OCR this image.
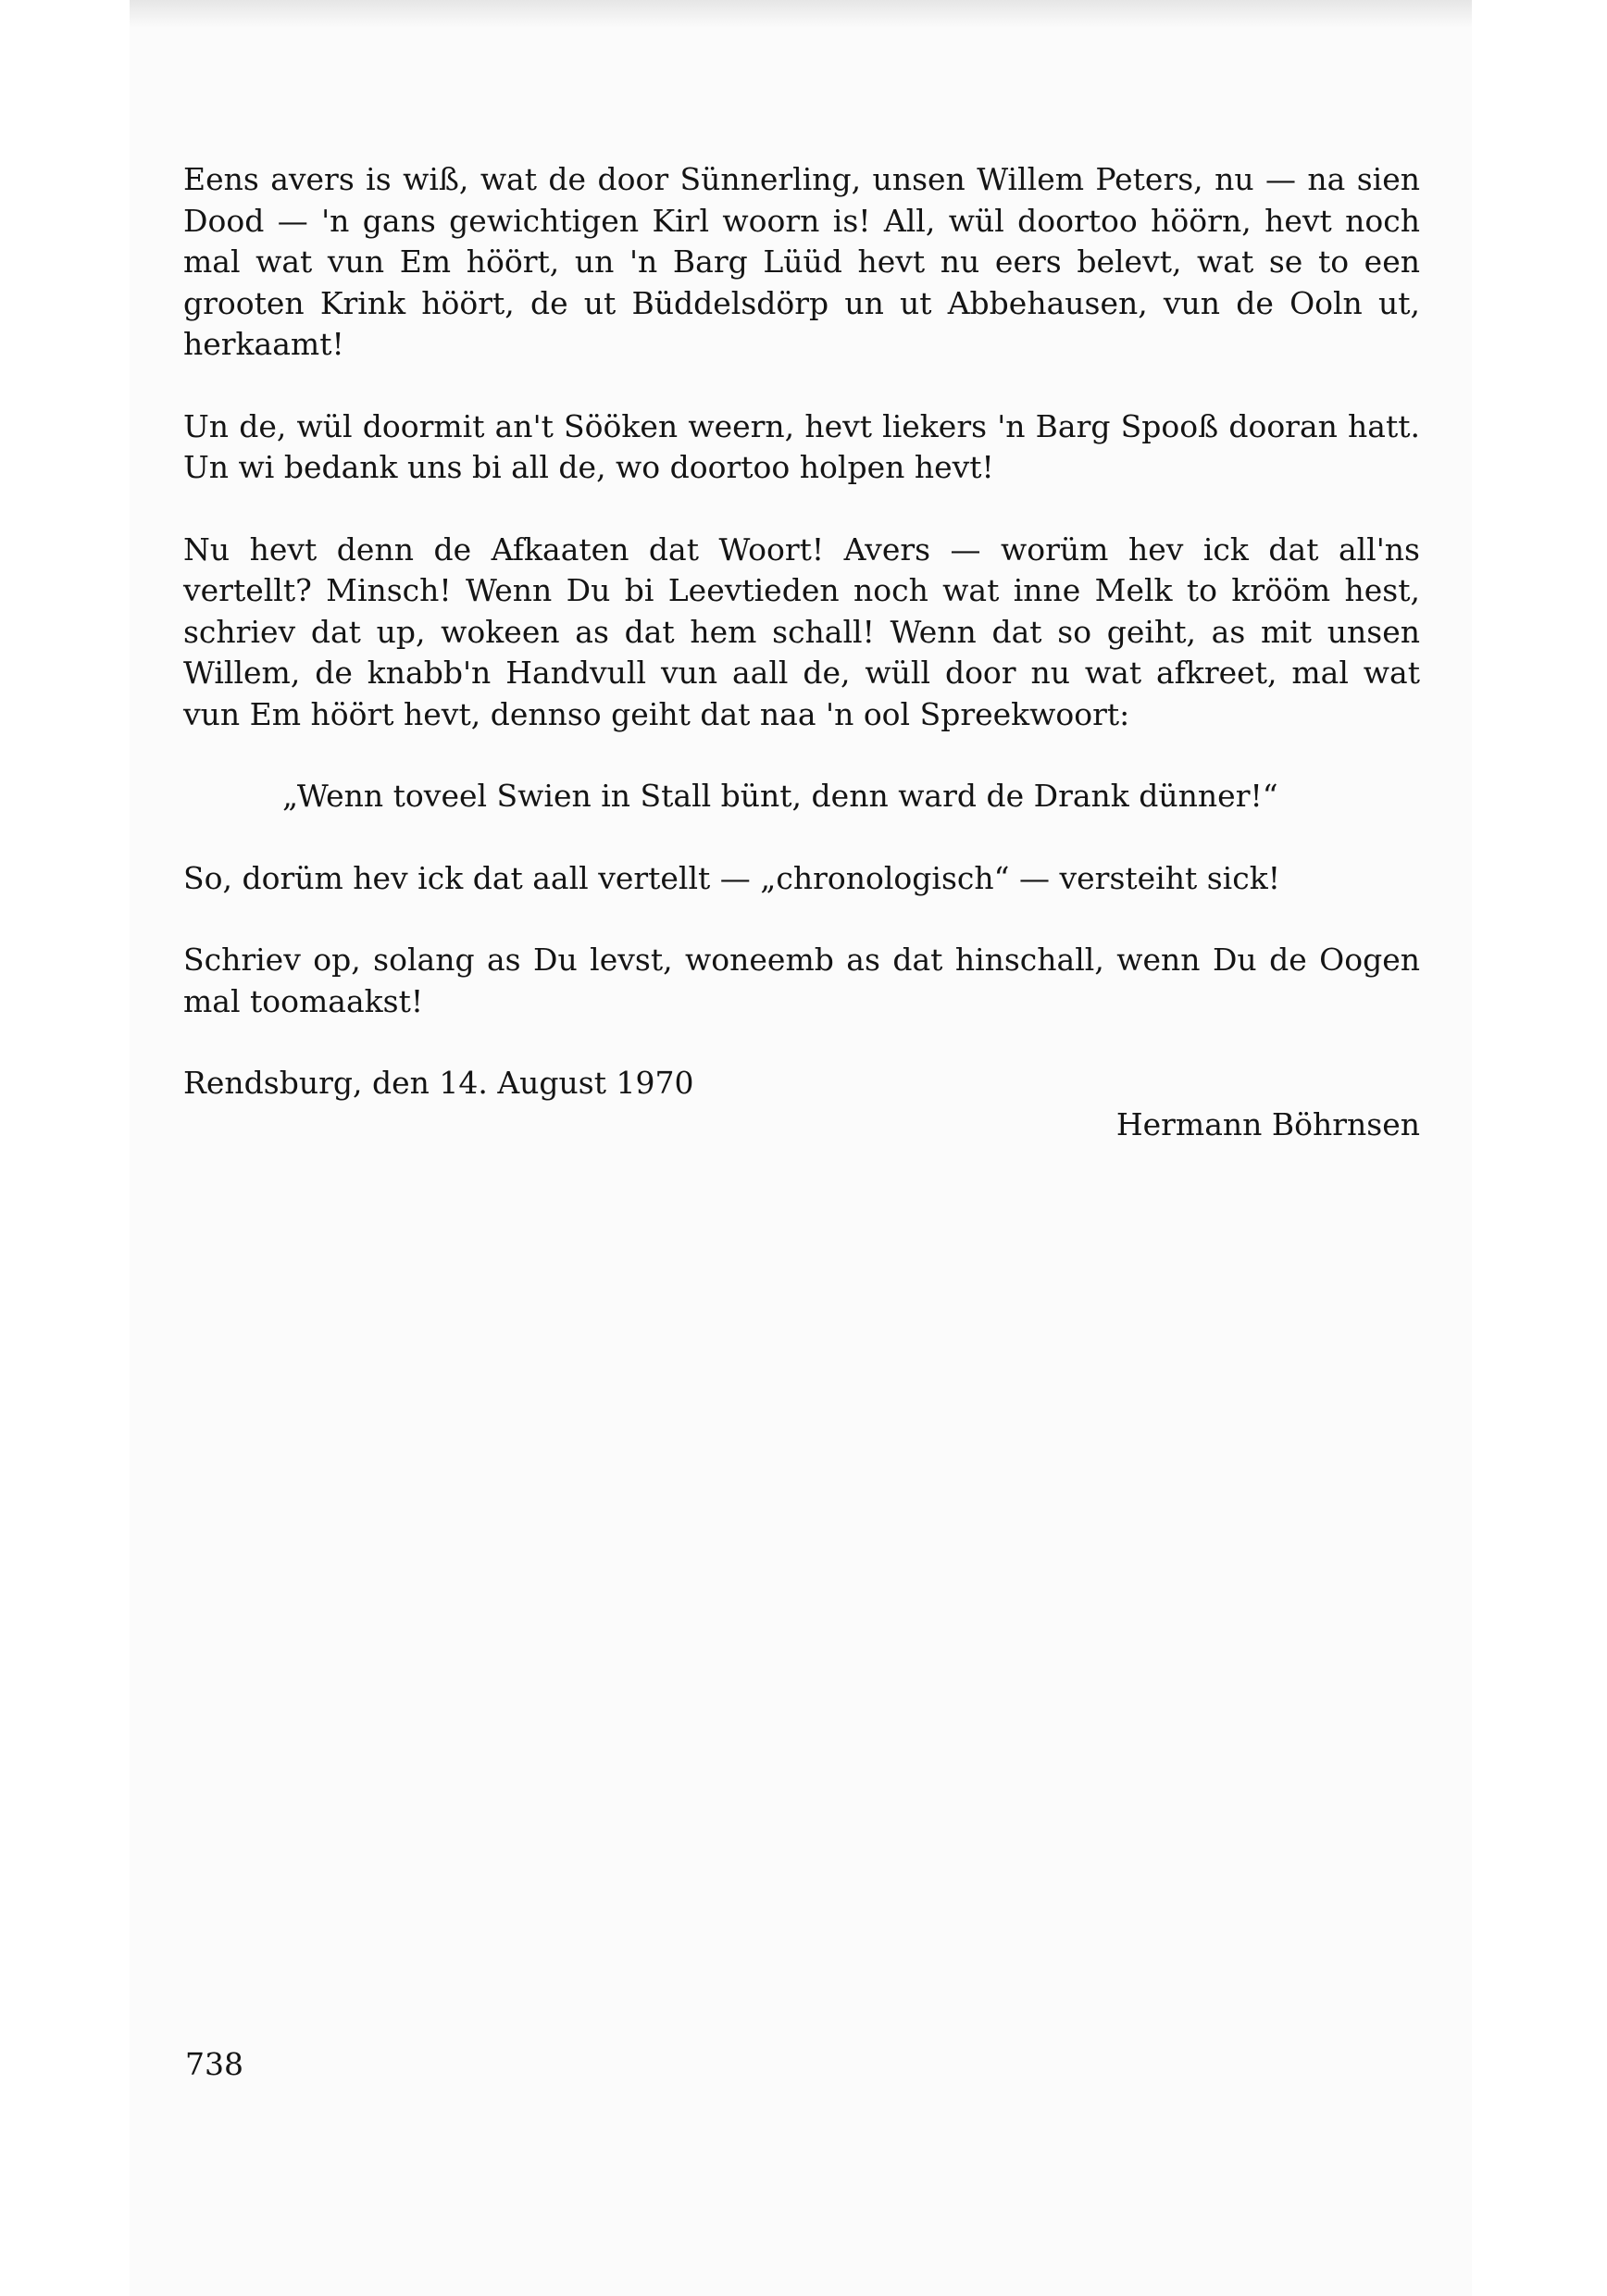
Eens avers is wiß, wat de door Sünnerling, unsen Willem Peters, nu — na sien Dood — 'n gans gewichtigen Kirl woorn is! All, wül doortoo höörn, hevt noch mal wat vun Em höört, un 'n Barg Lüüd hevt nu eers belevt, wat se to een grooten Krink höört, de ut Büddelsdörp un ut Abbehausen, vun de Ooln ut, herkaamt!

Un de, wül doormit an't Sööken weern, hevt liekers 'n Barg Spooß dooran hatt. Un wi bedank uns bi all de, wo doortoo holpen hevt!

Nu hevt denn de Afkaaten dat Woort! Avers — worüm hev ick dat all'ns vertellt? Minsch! Wenn Du bi Leevtieden noch wat inne Melk to krööm hest, schriev dat up, wokeen as dat hem schall! Wenn dat so geiht, as mit unsen Willem, de knabb'n Handvull vun aall de, wüll door nu wat afkreet, mal wat vun Em höört hevt, dennso geiht dat naa 'n ool Spreekwoort:

„Wenn toveel Swien in Stall bünt, denn ward de Drank dünner!“

So, dorüm hev ick dat aall vertellt — „chronologisch“ — versteiht sick!

Schriev op, solang as Du levst, woneemb as dat hinschall, wenn Du de Oogen mal toomaakst!

Rendsburg, den 14. August 1970

Hermann Böhrnsen

738
